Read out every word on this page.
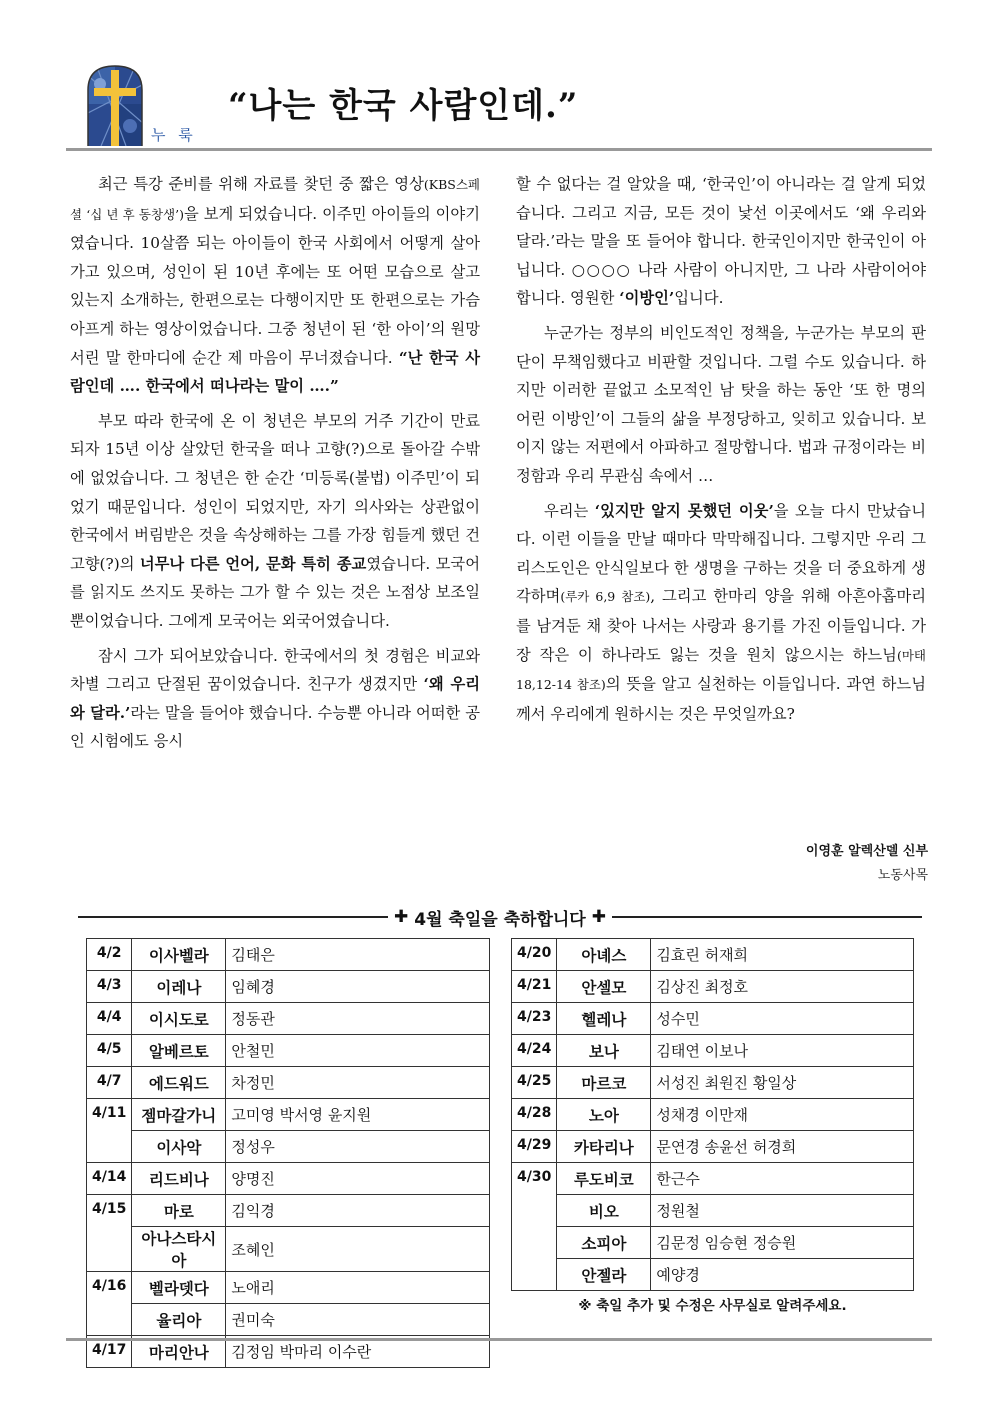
누 룩
“나는 한국 사람인데.”

최근 특강 준비를 위해 자료를 찾던 중 짧은 영상(KBS스페셜 ‘십 년 후 동창생’)을 보게 되었습니다. 이주민 아이들의 이야기였습니다. 10살쯤 되는 아이들이 한국 사회에서 어떻게 살아가고 있으며, 성인이 된 10년 후에는 또 어떤 모습으로 살고 있는지 소개하는, 한편으로는 다행이지만 또 한편으로는 가슴 아프게 하는 영상이었습니다. 그중 청년이 된 ‘한 아이’의 원망 서린 말 한마디에 순간 제 마음이 무너졌습니다. “난 한국 사람인데 …. 한국에서 떠나라는 말이 ….”

부모 따라 한국에 온 이 청년은 부모의 거주 기간이 만료되자 15년 이상 살았던 한국을 떠나 고향(?)으로 돌아갈 수밖에 없었습니다. 그 청년은 한 순간 ‘미등록(불법) 이주민’이 되었기 때문입니다. 성인이 되었지만, 자기 의사와는 상관없이 한국에서 버림받은 것을 속상해하는 그를 가장 힘들게 했던 건 고향(?)의 너무나 다른 언어, 문화 특히 종교였습니다. 모국어를 읽지도 쓰지도 못하는 그가 할 수 있는 것은 노점상 보조일 뿐이었습니다. 그에게 모국어는 외국어였습니다.

잠시 그가 되어보았습니다. 한국에서의 첫 경험은 비교와 차별 그리고 단절된 꿈이었습니다. 친구가 생겼지만 ‘왜 우리와 달라.’라는 말을 들어야 했습니다. 수능뿐 아니라 어떠한 공인 시험에도 응시

할 수 없다는 걸 알았을 때, ‘한국인’이 아니라는 걸 알게 되었습니다. 그리고 지금, 모든 것이 낯선 이곳에서도 ‘왜 우리와 달라.’라는 말을 또 들어야 합니다. 한국인이지만 한국인이 아닙니다. ○○○○ 나라 사람이 아니지만, 그 나라 사람이어야 합니다. 영원한 ‘이방인’입니다.

누군가는 정부의 비인도적인 정책을, 누군가는 부모의 판단이 무책임했다고 비판할 것입니다. 그럴 수도 있습니다. 하지만 이러한 끝없고 소모적인 남 탓을 하는 동안 ‘또 한 명의 어린 이방인’이 그들의 삶을 부정당하고, 잊히고 있습니다. 보이지 않는 저편에서 아파하고 절망합니다. 법과 규정이라는 비정함과 우리 무관심 속에서 …

우리는 ‘있지만 알지 못했던 이웃’을 오늘 다시 만났습니다. 이런 이들을 만날 때마다 막막해집니다. 그렇지만 우리 그리스도인은 안식일보다 한 생명을 구하는 것을 더 중요하게 생각하며(루카 6,9 참조), 그리고 한마리 양을 위해 아흔아홉마리를 남겨둔 채 찾아 나서는 사랑과 용기를 가진 이들입니다. 가장 작은 이 하나라도 잃는 것을 원치 않으시는 하느님(마태 18,12-14 참조)의 뜻을 알고 실천하는 이들입니다. 과연 하느님께서 우리에게 원하시는 것은 무엇일까요?

이영훈 알렉산델 신부
노동사목
✚ 4월 축일을 축하합니다 ✚
4/2	이사벨라	김태은
4/3	이레나	임혜경
4/4	이시도로	정동관
4/5	알베르토	안철민
4/7	에드워드	차정민
4/11	젬마갈가니	고미영 박서영 윤지원
	이사악	정성우
4/14	리드비나	양명진
4/15	마로	김익경
	아나스타시아	조혜인
4/16	벨라뎃다	노애리
	율리아	권미숙
4/17	마리안나	김정임 박마리 이수란
4/20	아녜스	김효린 허재희
4/21	안셀모	김상진 최정호
4/23	헬레나	성수민
4/24	보나	김태연 이보나
4/25	마르코	서성진 최원진 황일상
4/28	노아	성채경 이만재
4/29	카타리나	문연경 송윤선 허경희
4/30	루도비코	한근수
	비오	정원철
	소피아	김문정 임승현 정승원
	안젤라	예양경
※ 축일 추가 및 수정은 사무실로 알려주세요.
